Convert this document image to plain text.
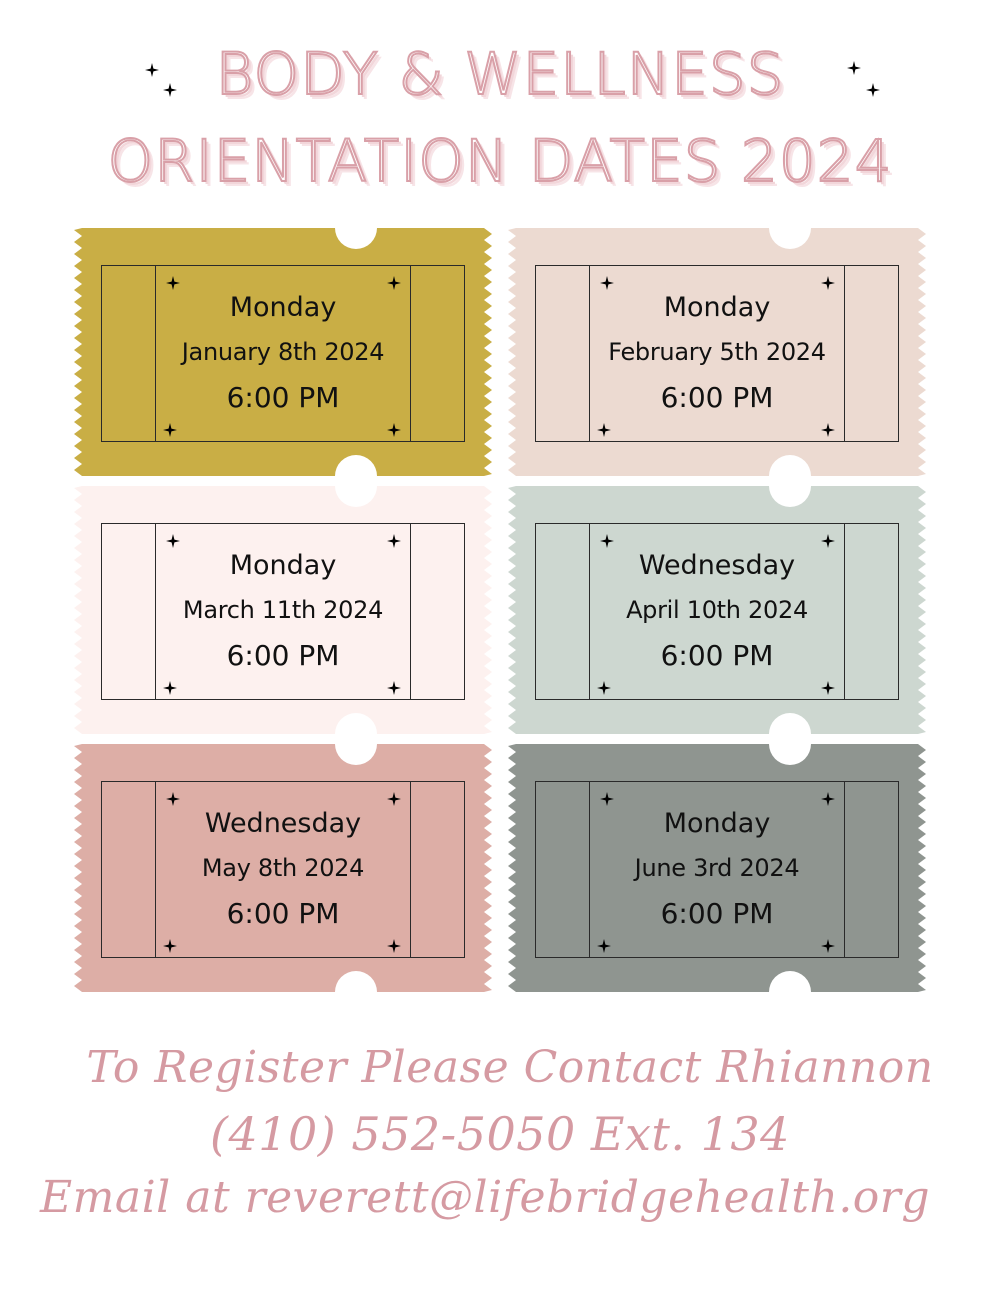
BODY & WELLNESS
ORIENTATION DATES 2024
Monday
January 8th 2024
6:00 PM
Monday
February 5th 2024
6:00 PM
Monday
March 11th 2024
6:00 PM
Wednesday
April 10th 2024
6:00 PM
Wednesday
May 8th 2024
6:00 PM
Monday
June 3rd 2024
6:00 PM
To Register Please Contact Rhiannon
(410) 552-5050 Ext. 134
Email at reverett@lifebridgehealth.org
